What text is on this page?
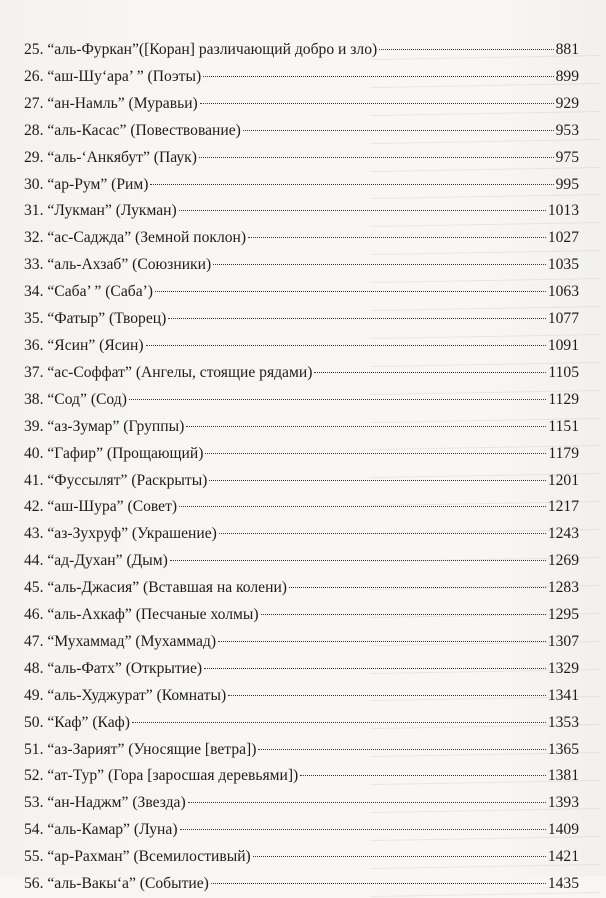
25. “аль-Фуркан”([Коран] различающий добро и зло)	881
26. “аш-Шу‘ара’ ” (Поэты)	899
27. “ан-Намль” (Муравьи)	929
28. “аль-Касас” (Повествование)	953
29. “аль-‘Анкябут” (Паук)	975
30. “ар-Рум” (Рим)	995
31. “Лукман” (Лукман)	1013
32. “ас-Саджда” (Земной поклон)	1027
33. “аль-Ахзаб” (Союзники)	1035
34. “Саба’ ” (Саба’)	1063
35. “Фатыр” (Творец)	1077
36. “Ясин” (Ясин)	1091
37. “ас-Соффат” (Ангелы, стоящие рядами)	1105
38. “Сод” (Сод)	1129
39. “аз-Зумар” (Группы)	1151
40. “Гафир” (Прощающий)	1179
41. “Фуссылят” (Раскрыты)	1201
42. “аш-Шура” (Совет)	1217
43. “аз-Зухруф” (Украшение)	1243
44. “ад-Духан” (Дым)	1269
45. “аль-Джасия” (Вставшая на колени)	1283
46. “аль-Ахкаф” (Песчаные холмы)	1295
47. “Мухаммад” (Мухаммад)	1307
48. “аль-Фатх” (Открытие)	1329
49. “аль-Худжурат” (Комнаты)	1341
50. “Каф” (Каф)	1353
51. “аз-Зарият” (Уносящие [ветра])	1365
52. “ат-Тур” (Гора [заросшая деревьями])	1381
53. “ан-Наджм” (Звезда)	1393
54. “аль-Камар” (Луна)	1409
55. “ар-Рахман” (Всемилостивый)	1421
56. “аль-Вакы‘а” (Событие)	1435
